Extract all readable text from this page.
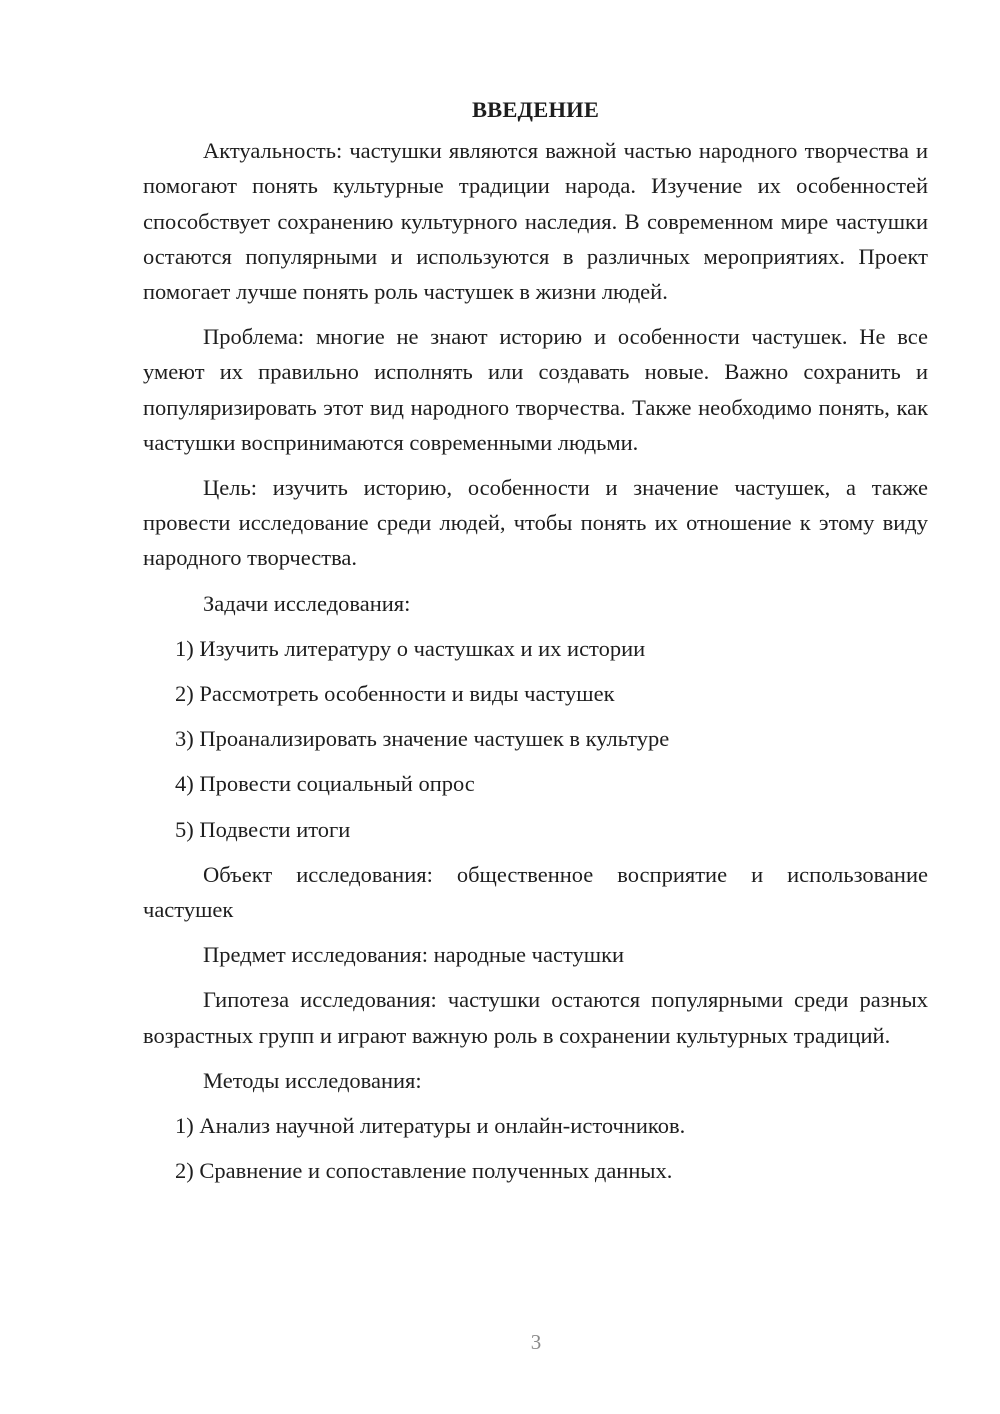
ВВЕДЕНИЕ

Актуальность: частушки являются важной частью народного творчества и помогают понять культурные традиции народа. Изучение их особенностей способствует сохранению культурного наследия. В современном мире частушки остаются популярными и используются в различных мероприятиях. Проект помогает лучше понять роль частушек в жизни людей.

Проблема: многие не знают историю и особенности частушек. Не все умеют их правильно исполнять или создавать новые. Важно сохранить и популяризировать этот вид народного творчества. Также необходимо понять, как частушки воспринимаются современными людьми.

Цель: изучить историю, особенности и значение частушек, а также провести исследование среди людей, чтобы понять их отношение к этому виду народного творчества.

Задачи исследования:
1) Изучить литературу о частушках и их истории
2) Рассмотреть особенности и виды частушек
3) Проанализировать значение частушек в культуре
4) Провести социальный опрос
5) Подвести итоги

Объект исследования: общественное восприятие и использование частушек

Предмет исследования: народные частушки

Гипотеза исследования: частушки остаются популярными среди разных возрастных групп и играют важную роль в сохранении культурных традиций.

Методы исследования:
1) Анализ научной литературы и онлайн-источников.
2) Сравнение и сопоставление полученных данных.
3
